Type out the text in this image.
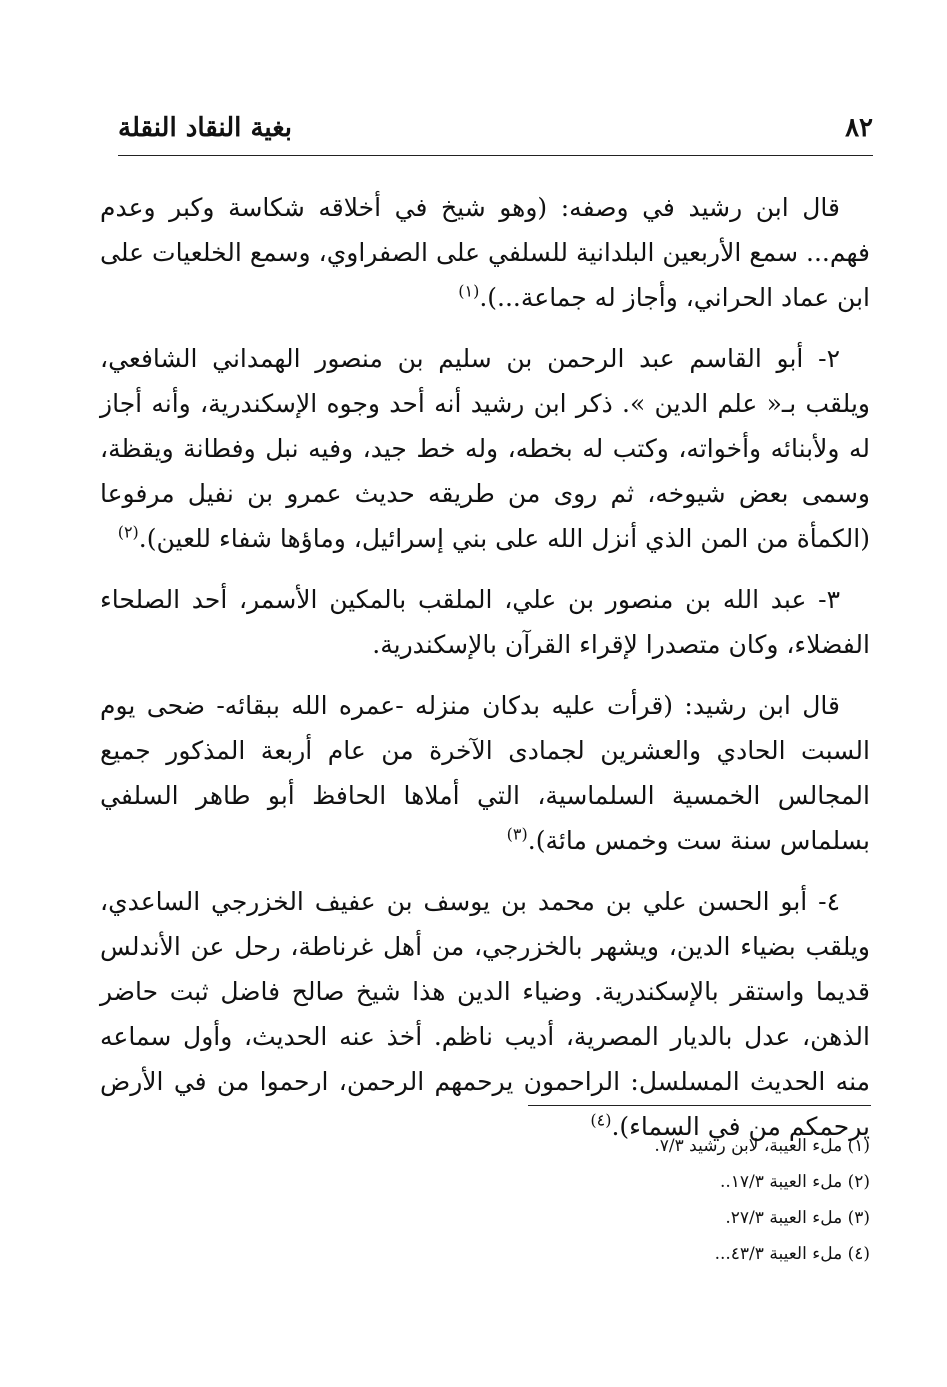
٨٢
بغية النقاد النقلة

قال ابن رشيد في وصفه: (وهو شيخ في أخلاقه شكاسة وكبر وعدم فهم... سمع الأربعين البلدانية للسلفي على الصفراوي، وسمع الخلعيات على ابن عماد الحراني، وأجاز له جماعة...).$^{(١)}$

٢- أبو القاسم عبد الرحمن بن سليم بن منصور الهمداني الشافعي، ويلقب بـ« علم الدين ». ذكر ابن رشيد أنه أحد وجوه الإسكندرية، وأنه أجاز له ولأبنائه وأخواته، وكتب له بخطه، وله خط جيد، وفيه نبل وفطانة ويقظة، وسمى بعض شيوخه، ثم روى من طريقه حديث عمرو بن نفيل مرفوعا (الكمأة من المن الذي أنزل الله على بني إسرائيل، وماؤها شفاء للعين).$^{(٢)}$

٣- عبد الله بن منصور بن علي، الملقب بالمكين الأسمر، أحد الصلحاء الفضلاء، وكان متصدرا لإقراء القرآن بالإسكندرية.

قال ابن رشيد: (قرأت عليه بدكان منزله -عمره الله ببقائه- ضحى يوم السبت الحادي والعشرين لجمادى الآخرة من عام أربعة المذكور جميع المجالس الخمسية السلماسية، التي أملاها الحافظ أبو طاهر السلفي بسلماس سنة ست وخمس مائة).$^{(٣)}$

٤- أبو الحسن علي بن محمد بن يوسف بن عفيف الخزرجي الساعدي، ويلقب بضياء الدين، ويشهر بالخزرجي، من أهل غرناطة، رحل عن الأندلس قديما واستقر بالإسكندرية. وضياء الدين هذا شيخ صالح فاضل ثبت حاضر الذهن، عدل بالديار المصرية، أديب ناظم. أخذ عنه الحديث، وأول سماعه منه الحديث المسلسل: الراحمون يرحمهم الرحمن، ارحموا من في الأرض يرحمكم من في السماء).$^{(٤)}$

(١) ملء العيبة، لابن رشيد ٧/٣.

(٢) ملء العيبة ١٧/٣..

(٣) ملء العيبة ٢٧/٣.

(٤) ملء العيبة ٤٣/٣...
